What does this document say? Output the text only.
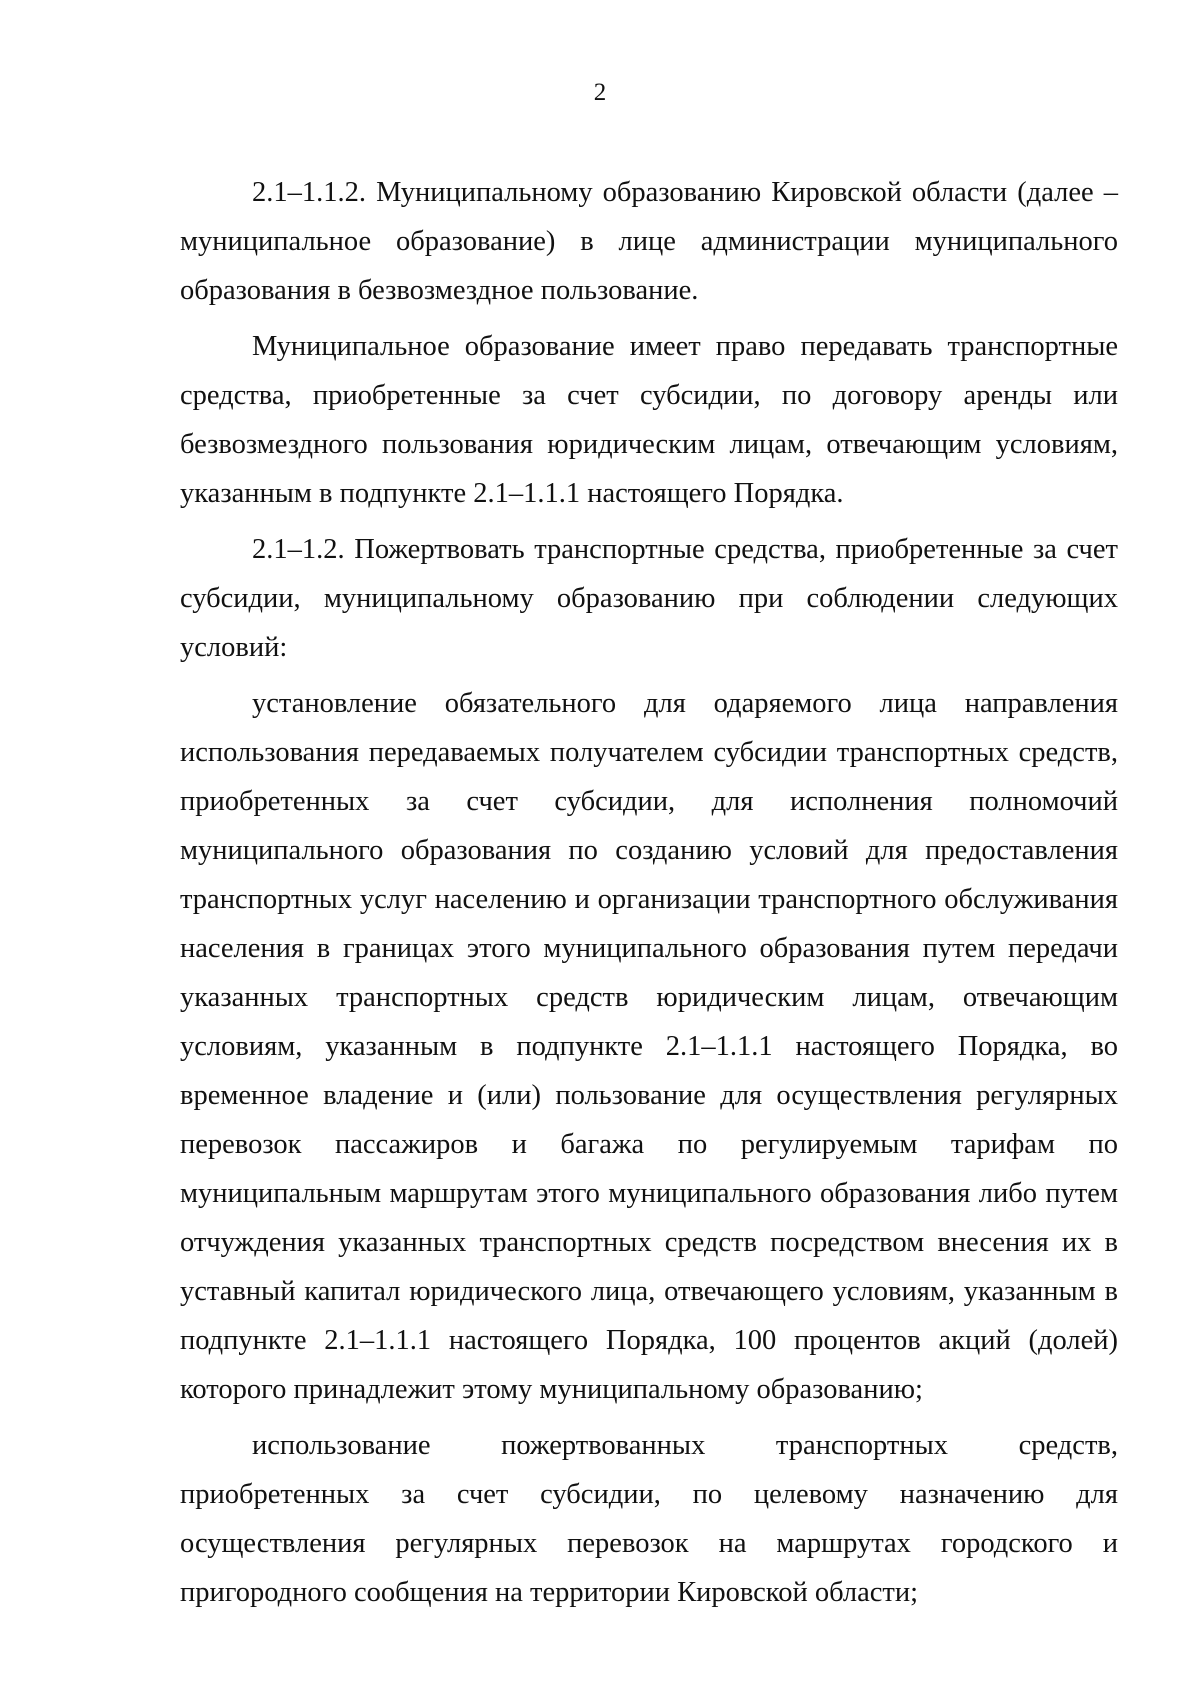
2

2.1–1.1.2. Муниципальному образованию Кировской области (далее – муниципальное образование) в лице администрации муниципального образования в безвозмездное пользование.

Муниципальное образование имеет право передавать транспортные средства, приобретенные за счет субсидии, по договору аренды или безвозмездного пользования юридическим лицам, отвечающим условиям, указанным в подпункте 2.1–1.1.1 настоящего Порядка.

2.1–1.2. Пожертвовать транспортные средства, приобретенные за счет субсидии, муниципальному образованию при соблюдении следующих условий:

установление обязательного для одаряемого лица направления использования передаваемых получателем субсидии транспортных средств, приобретенных за счет субсидии, для исполнения полномочий муниципального образования по созданию условий для предоставления транспортных услуг населению и организации транспортного обслуживания населения в границах этого муниципального образования путем передачи указанных транспортных средств юридическим лицам, отвечающим условиям, указанным в подпункте 2.1–1.1.1 настоящего Порядка, во временное владение и (или) пользование для осуществления регулярных перевозок пассажиров и багажа по регулируемым тарифам по муниципальным маршрутам этого муниципального образования либо путем отчуждения указанных транспортных средств посредством внесения их в уставный капитал юридического лица, отвечающего условиям, указанным в подпункте 2.1–1.1.1 настоящего Порядка, 100 процентов акций (долей) которого принадлежит этому муниципальному образованию;

использование пожертвованных транспортных средств, приобретенных за счет субсидии, по целевому назначению для осуществления регулярных перевозок на маршрутах городского и пригородного сообщения на территории Кировской области;
